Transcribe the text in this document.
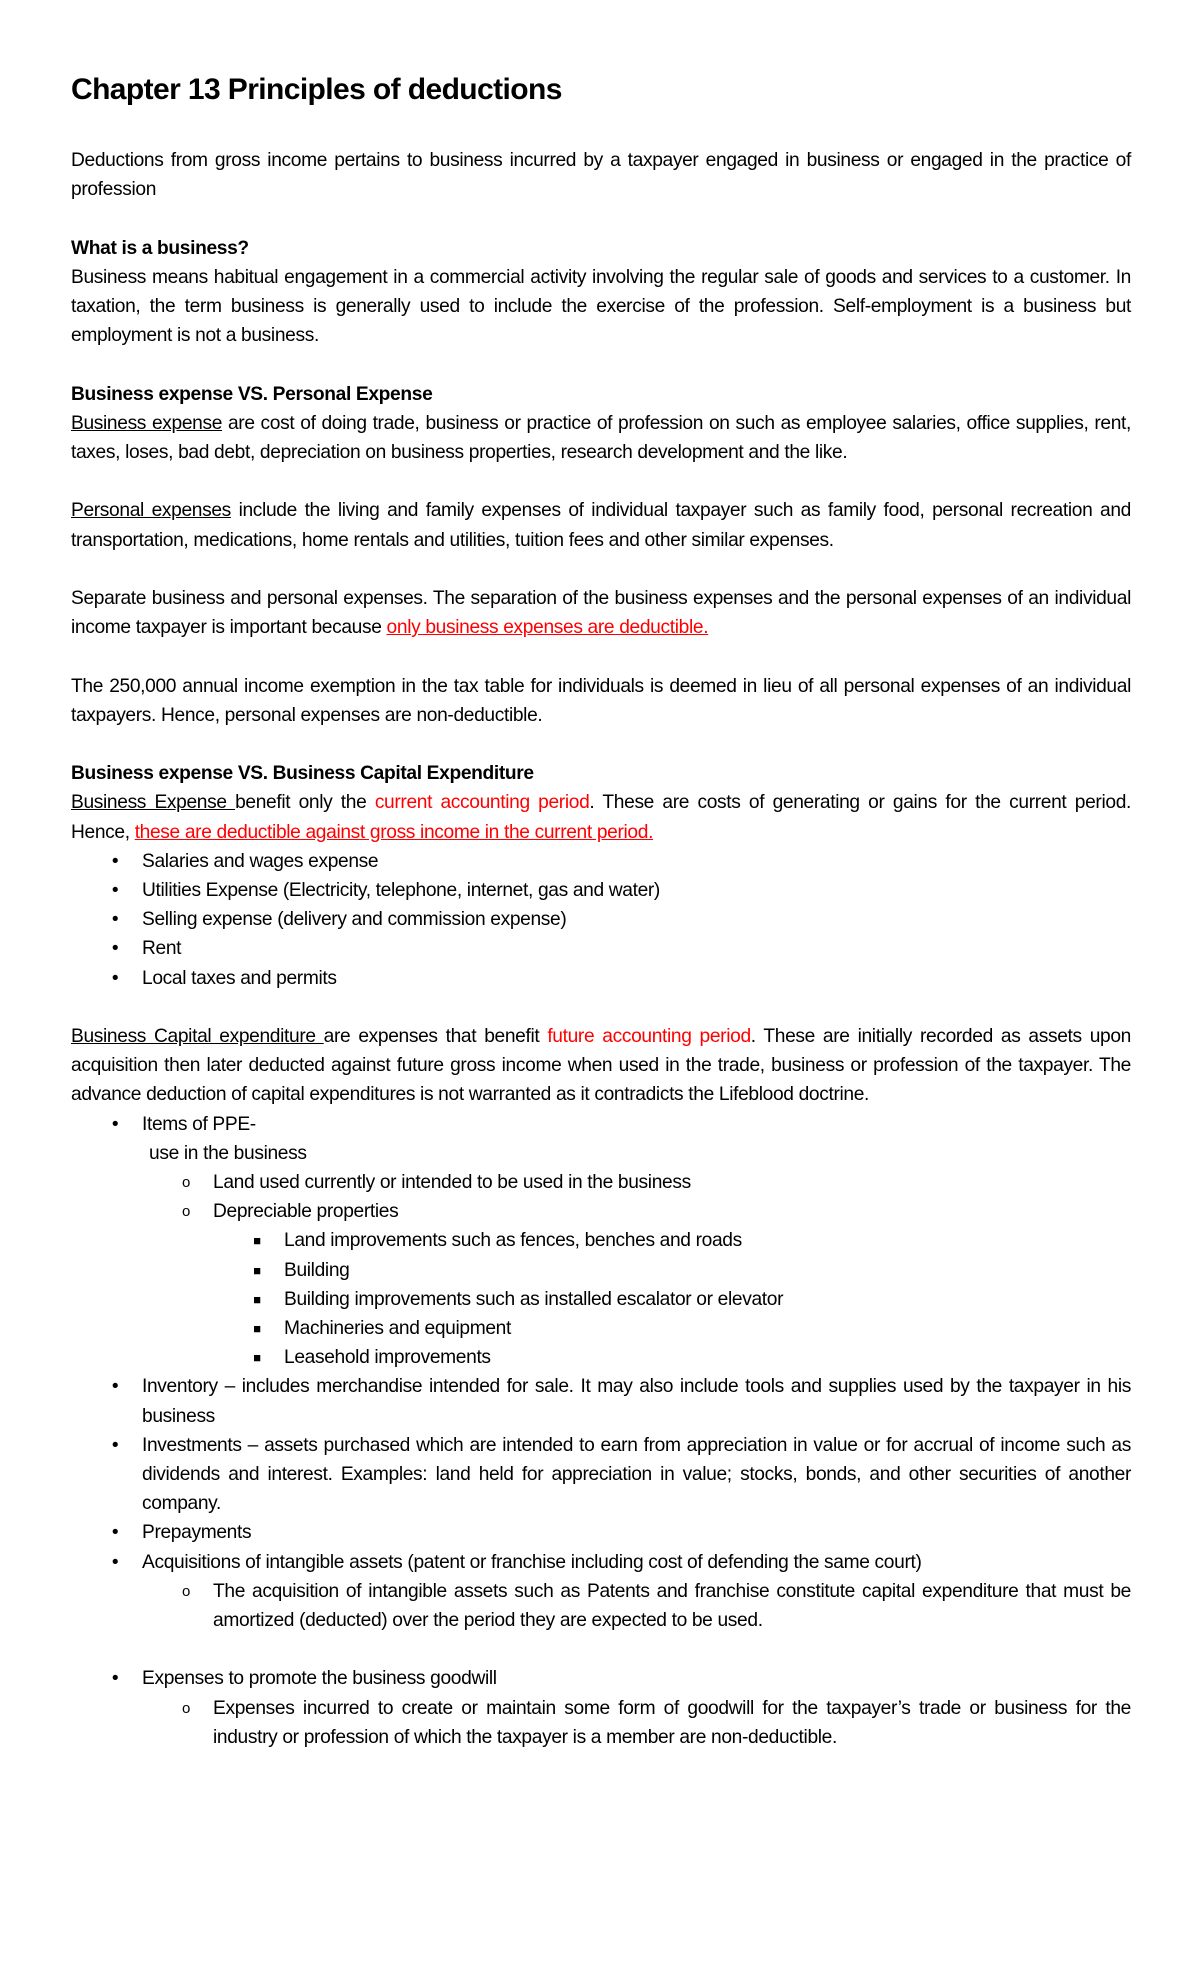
Chapter 13 Principles of deductions

Deductions from gross income pertains to business incurred by a taxpayer engaged in business or engaged in the practice of profession

What is a business?

Business means habitual engagement in a commercial activity involving the regular sale of goods and services to a customer. In taxation, the term business is generally used to include the exercise of the profession. Self-employment is a business but employment is not a business.

Business expense VS. Personal Expense

Business expense are cost of doing trade, business or practice of profession on such as employee salaries, office supplies, rent, taxes, loses, bad debt, depreciation on business properties, research development and the like.

Personal expenses include the living and family expenses of individual taxpayer such as family food, personal recreation and transportation, medications, home rentals and utilities, tuition fees and other similar expenses.

Separate business and personal expenses. The separation of the business expenses and the personal expenses of an individual income taxpayer is important because only business expenses are deductible.

The 250,000 annual income exemption in the tax table for individuals is deemed in lieu of all personal expenses of an individual taxpayers. Hence, personal expenses are non-deductible.

Business expense VS. Business Capital Expenditure

Business Expense benefit only the current accounting period. These are costs of generating or gains for the current period. Hence, these are deductible against gross income in the current period.

•	Salaries and wages expense
•	Utilities Expense (Electricity, telephone, internet, gas and water)
•	Selling expense (delivery and commission expense)
•	Rent
•	Local taxes and permits

Business Capital expenditure are expenses that benefit future accounting period. These are initially recorded as assets upon acquisition then later deducted against future gross income when used in the trade, business or profession of the taxpayer. The advance deduction of capital expenditures is not warranted as it contradicts the Lifeblood doctrine.

•	Items of PPE-
use in the business
o	Land used currently or intended to be used in the business
o	Depreciable properties
■	Land improvements such as fences, benches and roads
■	Building
■	Building improvements such as installed escalator or elevator
■	Machineries and equipment
■	Leasehold improvements
•	Inventory – includes merchandise intended for sale. It may also include tools and supplies used by the taxpayer in his business
•	Investments – assets purchased which are intended to earn from appreciation in value or for accrual of income such as dividends and interest. Examples: land held for appreciation in value; stocks, bonds, and other securities of another company.
•	Prepayments
•	Acquisitions of intangible assets (patent or franchise including cost of defending the same court)
o	The acquisition of intangible assets such as Patents and franchise constitute capital expenditure that must be amortized (deducted) over the period they are expected to be used.
•	Expenses to promote the business goodwill
o	Expenses incurred to create or maintain some form of goodwill for the taxpayer’s trade or business for the industry or profession of which the taxpayer is a member are non-deductible.
